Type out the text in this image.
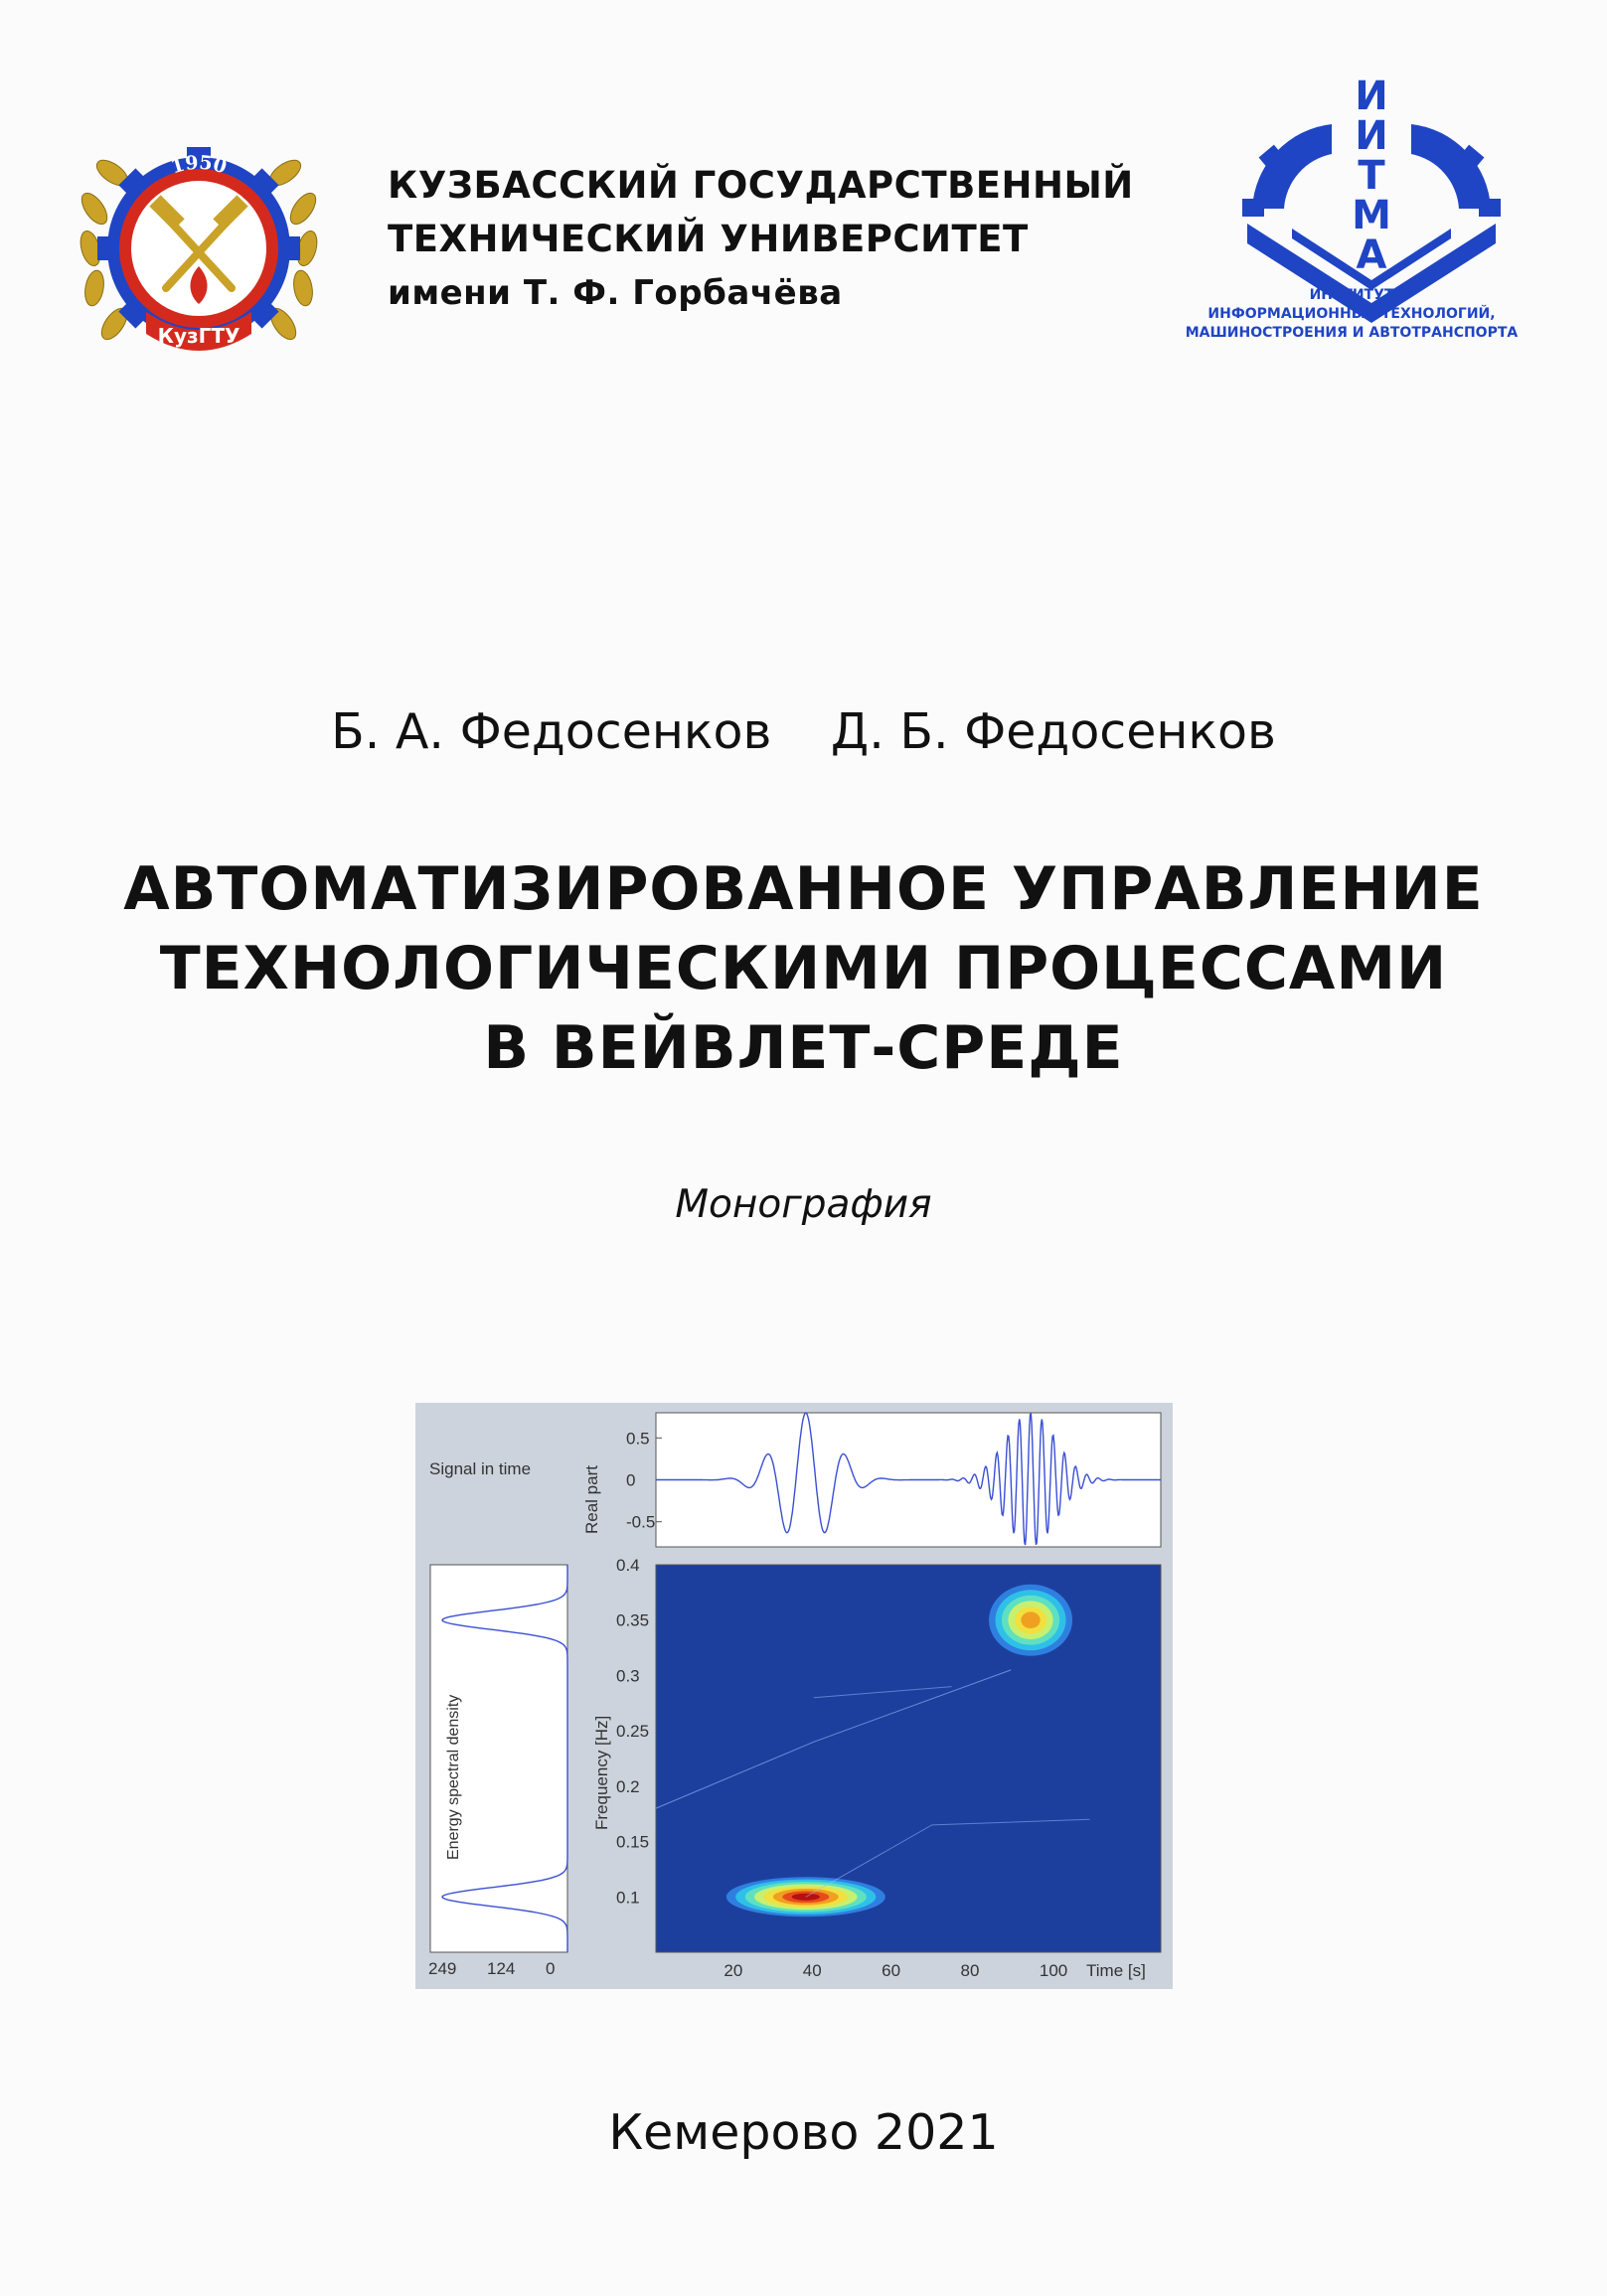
1950
КузГТУ
КУЗБАССКИЙ ГОСУДАРСТВЕННЫЙ
ТЕХНИЧЕСКИЙ УНИВЕРСИТЕТ
имени Т. Ф. Горбачёва
И
И
Т
М
А
ИНСТИТУТ
ИНФОРМАЦИОННЫХ ТЕХНОЛОГИЙ,
МАШИНОСТРОЕНИЯ И АВТОТРАНСПОРТА
Б. А. Федосенков Д. Б. Федосенков
АВТОМАТИЗИРОВАННОЕ УПРАВЛЕНИЕ
ТЕХНОЛОГИЧЕСКИМИ ПРОЦЕССАМИ
В ВЕЙВЛЕТ-СРЕДЕ
Монография
Signal in time	Real part
0.5
0
-0.5
Energy spectral density
249 124 0
0.1
0.15
0.2
0.25
0.3
0.35
0.4
Frequency [Hz]
20	40	60	80	100 Time [s]
Кемерово 2021
